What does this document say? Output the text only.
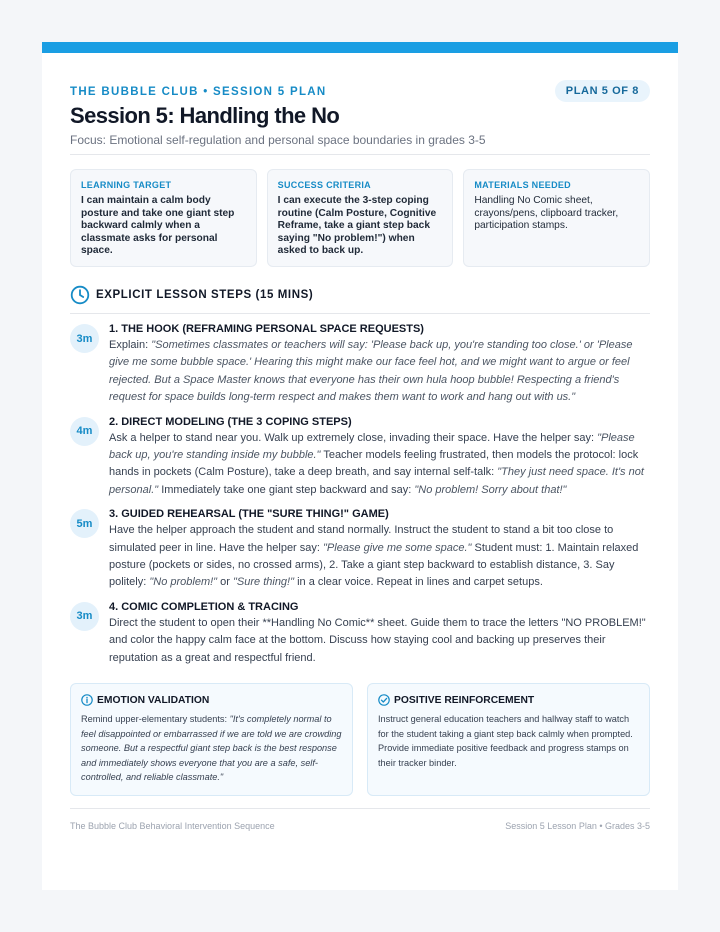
THE BUBBLE CLUB • SESSION 5 PLAN	PLAN 5 OF 8
Session 5: Handling the No
Focus: Emotional self-regulation and personal space boundaries in grades 3-5
LEARNING TARGET
I can maintain a calm body posture and take one giant step backward calmly when a classmate asks for personal space.
SUCCESS CRITERIA
I can execute the 3-step coping routine (Calm Posture, Cognitive Reframe, take a giant step back saying "No problem!") when asked to back up.
MATERIALS NEEDED
Handling No Comic sheet, crayons/pens, clipboard tracker, participation stamps.
EXPLICIT LESSON STEPS (15 MINS)
3m
1. THE HOOK (REFRAMING PERSONAL SPACE REQUESTS)
Explain: "Sometimes classmates or teachers will say: 'Please back up, you're standing too close.' or 'Please give me some bubble space.' Hearing this might make our face feel hot, and we might want to argue or feel rejected. But a Space Master knows that everyone has their own hula hoop bubble! Respecting a friend's request for space builds long-term respect and makes them want to work and hang out with us."
4m
2. DIRECT MODELING (THE 3 COPING STEPS)
Ask a helper to stand near you. Walk up extremely close, invading their space. Have the helper say: "Please back up, you're standing inside my bubble." Teacher models feeling frustrated, then models the protocol: lock hands in pockets (Calm Posture), take a deep breath, and say internal self-talk: "They just need space. It's not personal." Immediately take one giant step backward and say: "No problem! Sorry about that!"
5m
3. GUIDED REHEARSAL (THE "SURE THING!" GAME)
Have the helper approach the student and stand normally. Instruct the student to stand a bit too close to simulated peer in line. Have the helper say: "Please give me some space." Student must: 1. Maintain relaxed posture (pockets or sides, no crossed arms), 2. Take a giant step backward to establish distance, 3. Say politely: "No problem!" or "Sure thing!" in a clear voice. Repeat in lines and carpet setups.
3m
4. COMIC COMPLETION & TRACING
Direct the student to open their **Handling No Comic** sheet. Guide them to trace the letters "NO PROBLEM!" and color the happy calm face at the bottom. Discuss how staying cool and backing up preserves their reputation as a great and respectful friend.
EMOTION VALIDATION
Remind upper-elementary students: "It's completely normal to feel disappointed or embarrassed if we are told we are crowding someone. But a respectful giant step back is the best response and immediately shows everyone that you are a safe, self-controlled, and reliable classmate."
POSITIVE REINFORCEMENT
Instruct general education teachers and hallway staff to watch for the student taking a giant step back calmly when prompted. Provide immediate positive feedback and progress stamps on their tracker binder.
The Bubble Club Behavioral Intervention Sequence	Session 5 Lesson Plan • Grades 3-5
